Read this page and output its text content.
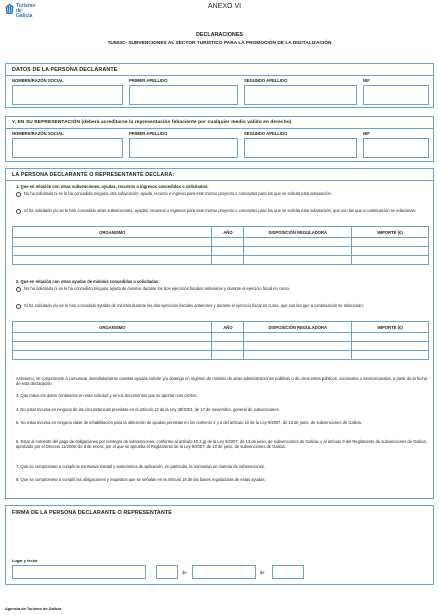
Turismo
de
Galicia
ANEXO VI
DECLARACIONES
TU503C- SUBVENCIONES AL SECTOR TURÍSTICO PARA LA PROMOCIÓN DE LA DIGITALIZACIÓN
DATOS DE LA PERSONA DECLARANTE
NOMBRE/RAZÓN SOCIAL	PRIMER APELLIDO	SEGUNDO APELLIDO	NIF
Y, EN SU REPRESENTACIÓN (deberá acreditarse la representación fehaciente por cualquier medio válido en derecho)
NOMBRE/RAZÓN SOCIAL	PRIMER APELLIDO	SEGUNDO APELLIDO	NIF
LA PERSONA DECLARANTE O REPRESENTANTE DECLARA:
1. Que en relación con otras subvenciones, ayudas, recursos o ingresos concedidos o solicitados:
No ha solicitado ni se le ha concedido ninguna otra subvención, ayuda, recurso o ingreso para este mismo proyecto o conceptos para los que se solicita esta subvención.
Sí ha solicitado y/o se le han concedido otras subvenciones, ayudas, recursos o ingresos para este mismo proyecto o conceptos para los que se solicita esta subvención, que son las que a continuación se relacionan:
ORGANISMO	AÑO	DISPOSICIÓN REGULADORA	IMPORTE (€)

2. Que en relación con otras ayudas de minimis concedidas o solicitadas:
No ha solicitado ni se le ha concedido ninguna ayuda de minimis durante los dos ejercicios fiscales anteriores y durante el ejercicio fiscal en curso.
Sí ha solicitado y/o se le han concedido ayudas de minimis durante los dos ejercicios fiscales anteriores y durante el ejercicio fiscal en curso, que son las que a continuación se relacionan:
ORGANISMO	AÑO	DISPOSICIÓN REGULADORA	IMPORTE (€)

Asimismo, se compromete a comunicar inmediatamente cuantas ayudas solicite y/u obtenga en régimen de minimis de otras administraciones públicas o de otros entes públicos, nacionales o internacionales, a partir de la fecha de esta declaración.
3. Que todos los datos contenidos en esta solicitud y en los documentos que se aportan son ciertos.
4. No estar incursa en ninguna de las circunstancias previstas en el artículo 13 de la Ley 38/2003, de 17 de noviembre, general de subvenciones.
5. No estar incursa en ninguna clase de inhabilitación para la obtención de ayudas previstas en los números 2 y 3 del artículo 10 de la Ley 9/2007, de 13 de junio, de subvenciones de Galicia.
6. Estar al corriente del pago de obligaciones por reintegro de subvenciones, conforme al artículo 10.2.g) de la Ley 9/2007, de 13 de junio, de subvenciones de Galicia, y al artículo 9 del Reglamento de subvenciones de Galicia, aprobado por el Decreto 11/2009, de 8 de enero, por el que se aprueba el Reglamento de la Ley 9/2007, de 13 de junio, de subvenciones de Galicia.
7. Que se compromete a cumplir la normativa estatal y autonómica de aplicación, en particular, la normativa en materia de subvenciones.
8. Que se compromete a cumplir las obligaciones y requisitos que se señalan en el artículo 18 de las bases reguladoras de estas ayudas.
FIRMA DE LA PERSONA DECLARANTE O REPRESENTANTE
Lugar y fecha
,	de	de
Agencia de Turismo de Galicia
